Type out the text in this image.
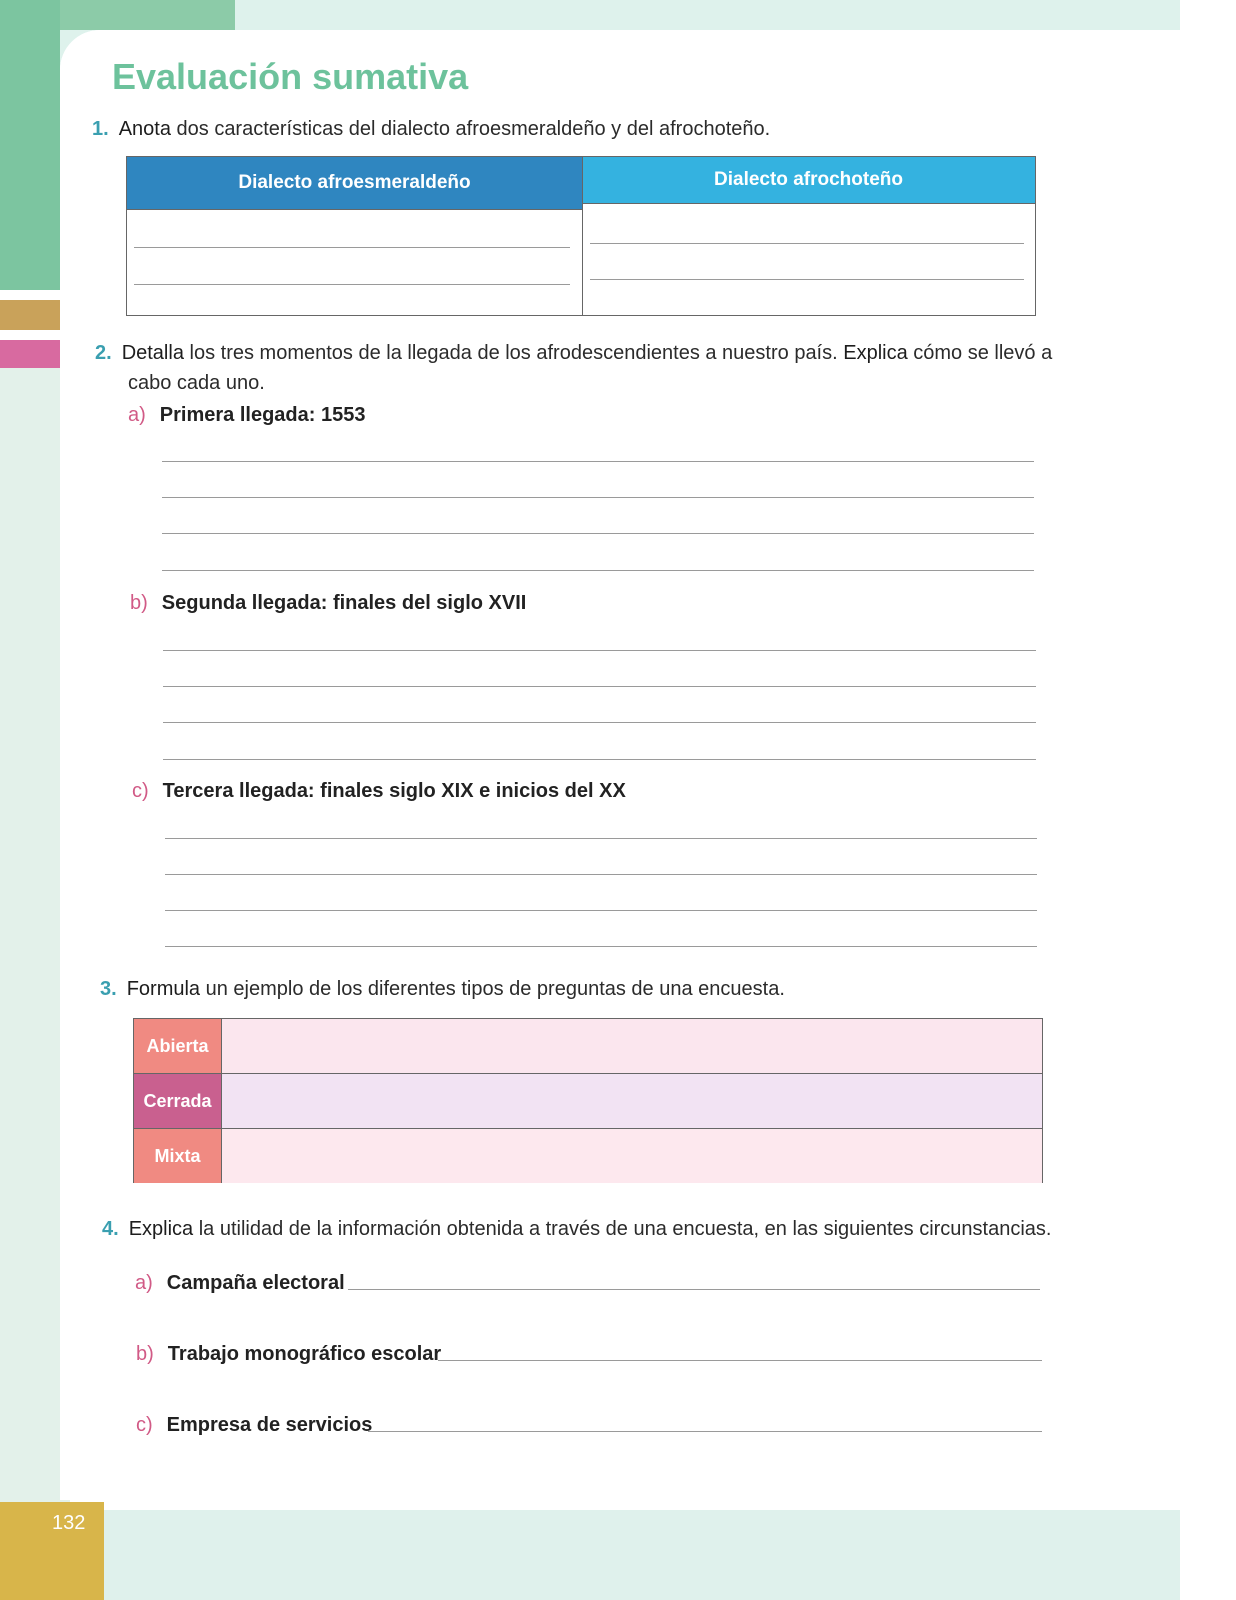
Evaluación sumativa

1. Anota dos características del dialecto afroesmeraldeño y del afrochoteño.

Dialecto afroesmeraldeño	Dialecto afrochoteño

2. Detalla los tres momentos de la llegada de los afrodescendientes a nuestro país. Explica cómo se llevó a

cabo cada uno.

a) Primera llegada: 1553

b) Segunda llegada: finales del siglo XVII

c) Tercera llegada: finales siglo XIX e inicios del XX

3. Formula un ejemplo de los diferentes tipos de preguntas de una encuesta.

Abierta
Cerrada
Mixta

4. Explica la utilidad de la información obtenida a través de una encuesta, en las siguientes circunstancias.

a) Campaña electoral

b) Trabajo monográfico escolar

c) Empresa de servicios

132
